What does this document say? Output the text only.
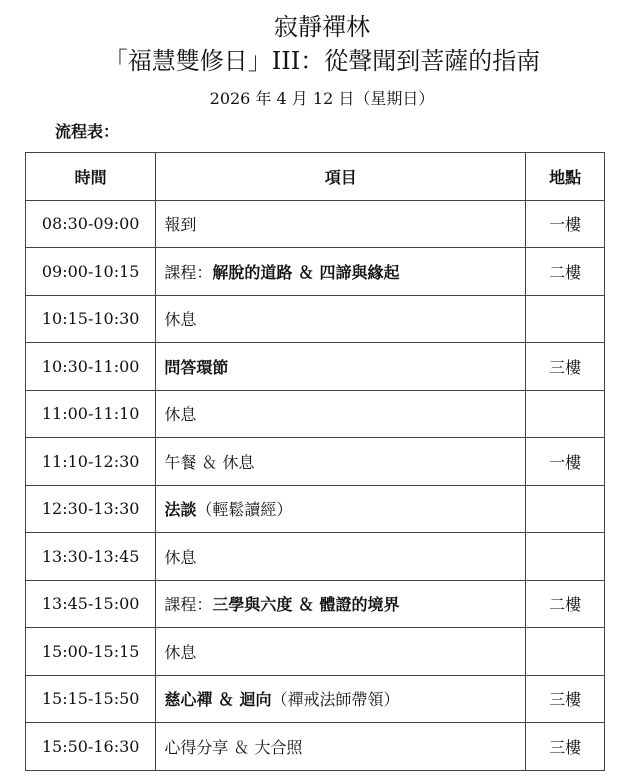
寂靜禪林
「福慧雙修日」III：從聲聞到菩薩的指南
2026 年 4 月 12 日（星期日）
流程表：
時間	項目	地點
08:30-09:00	報到	一樓
09:00-10:15	課程：解脫的道路 ＆ 四諦與緣起	二樓
10:15-10:30	休息	
10:30-11:00	問答環節	三樓
11:00-11:10	休息	
11:10-12:30	午餐 ＆ 休息	一樓
12:30-13:30	法談（輕鬆讀經）	
13:30-13:45	休息	
13:45-15:00	課程：三學與六度 ＆ 體證的境界	二樓
15:00-15:15	休息	
15:15-15:50	慈心禪 ＆ 迴向（禪戒法師帶領）	三樓
15:50-16:30	心得分享 ＆ 大合照	三樓
